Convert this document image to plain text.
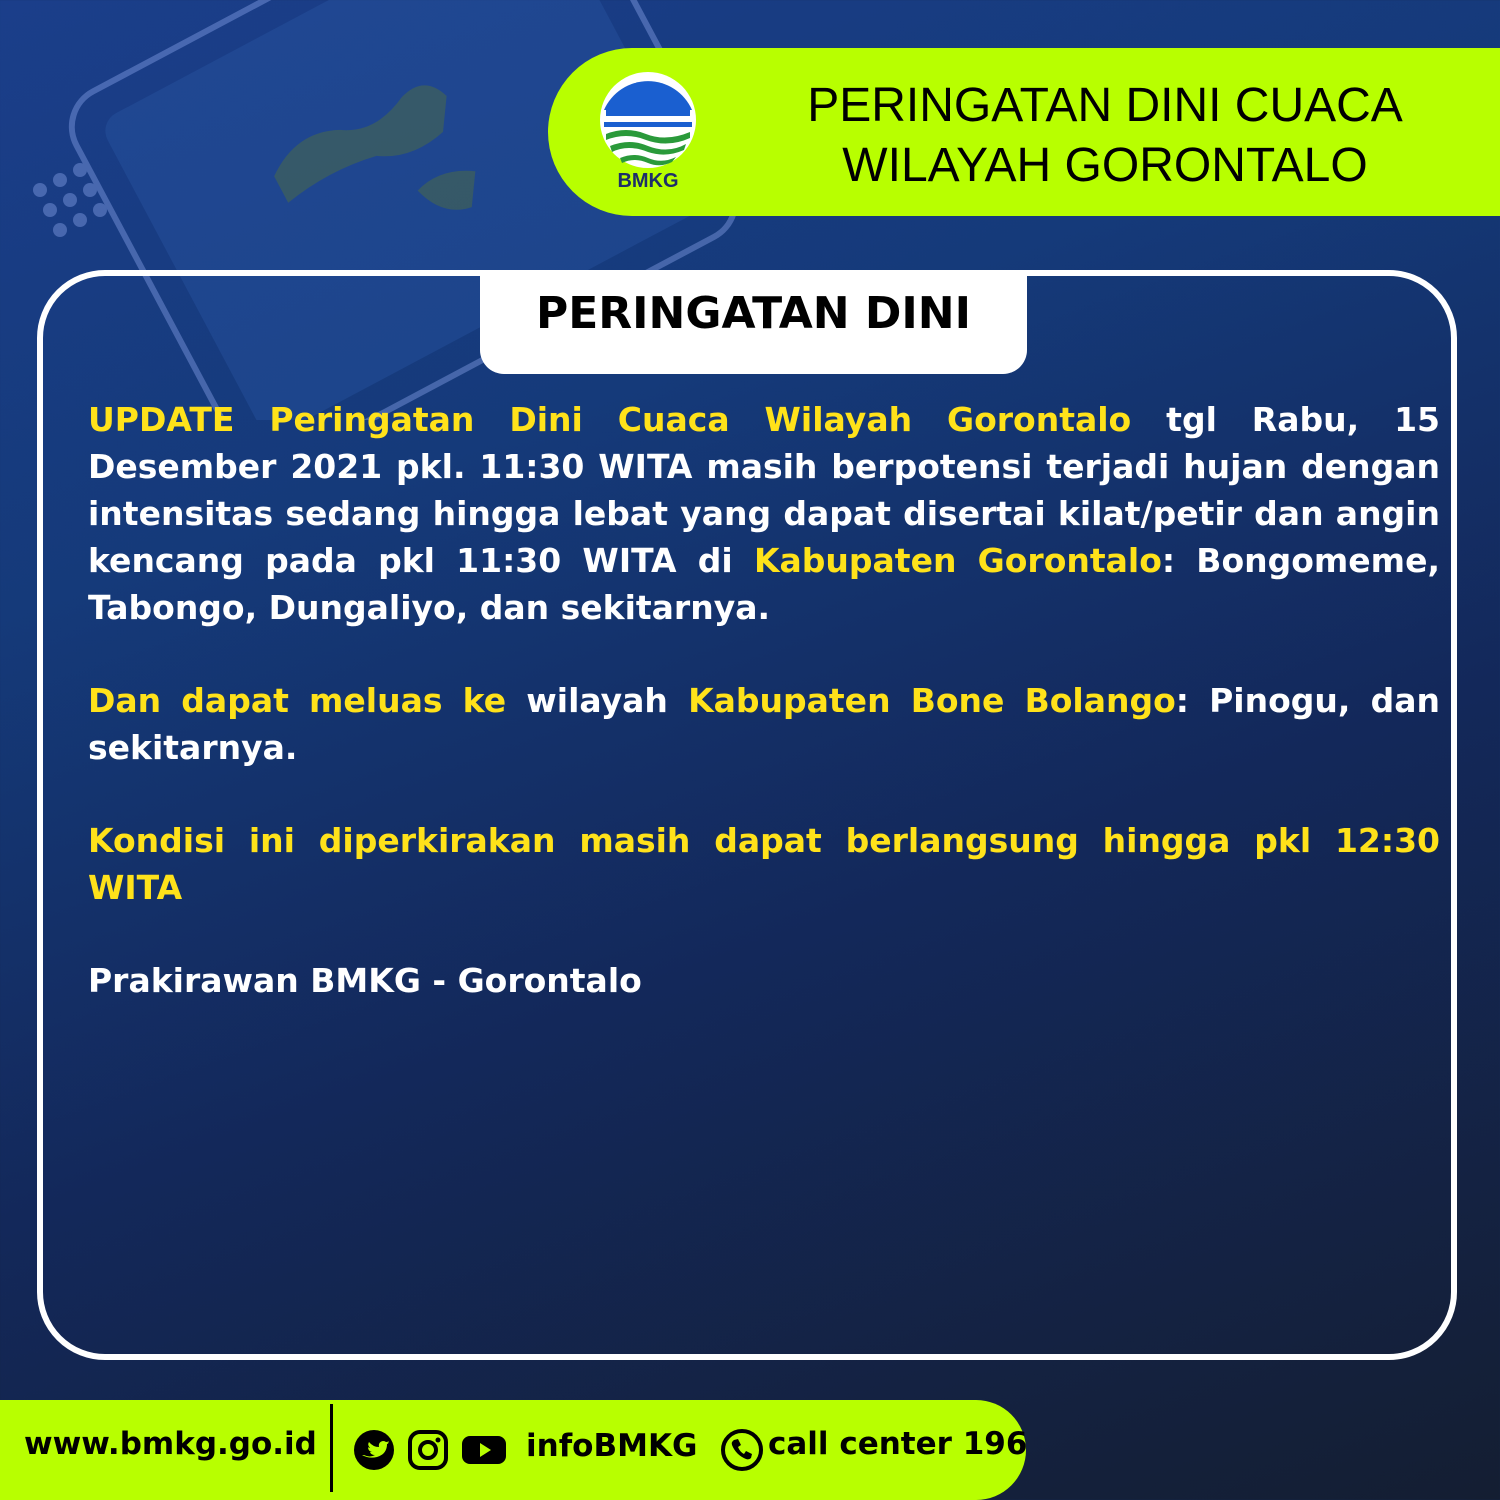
BMKG
PERINGATAN DINI CUACA
WILAYAH GORONTALO
PERINGATAN DINI

UPDATE Peringatan Dini Cuaca Wilayah Gorontalo tgl Rabu, 15 Desember 2021 pkl. 11:30 WITA masih berpotensi terjadi hujan dengan intensitas sedang hingga lebat yang dapat disertai kilat/petir dan angin kencang pada pkl 11:30 WITA di Kabupaten Gorontalo: Bongomeme, Tabongo, Dungaliyo, dan sekitarnya.

Dan dapat meluas ke wilayah Kabupaten Bone Bolango: Pinogu, dan sekitarnya.

Kondisi ini diperkirakan masih dapat berlangsung hingga pkl 12:30 WITA

Prakirawan BMKG - Gorontalo

www.bmkg.go.id	infoBMKG call center 196
